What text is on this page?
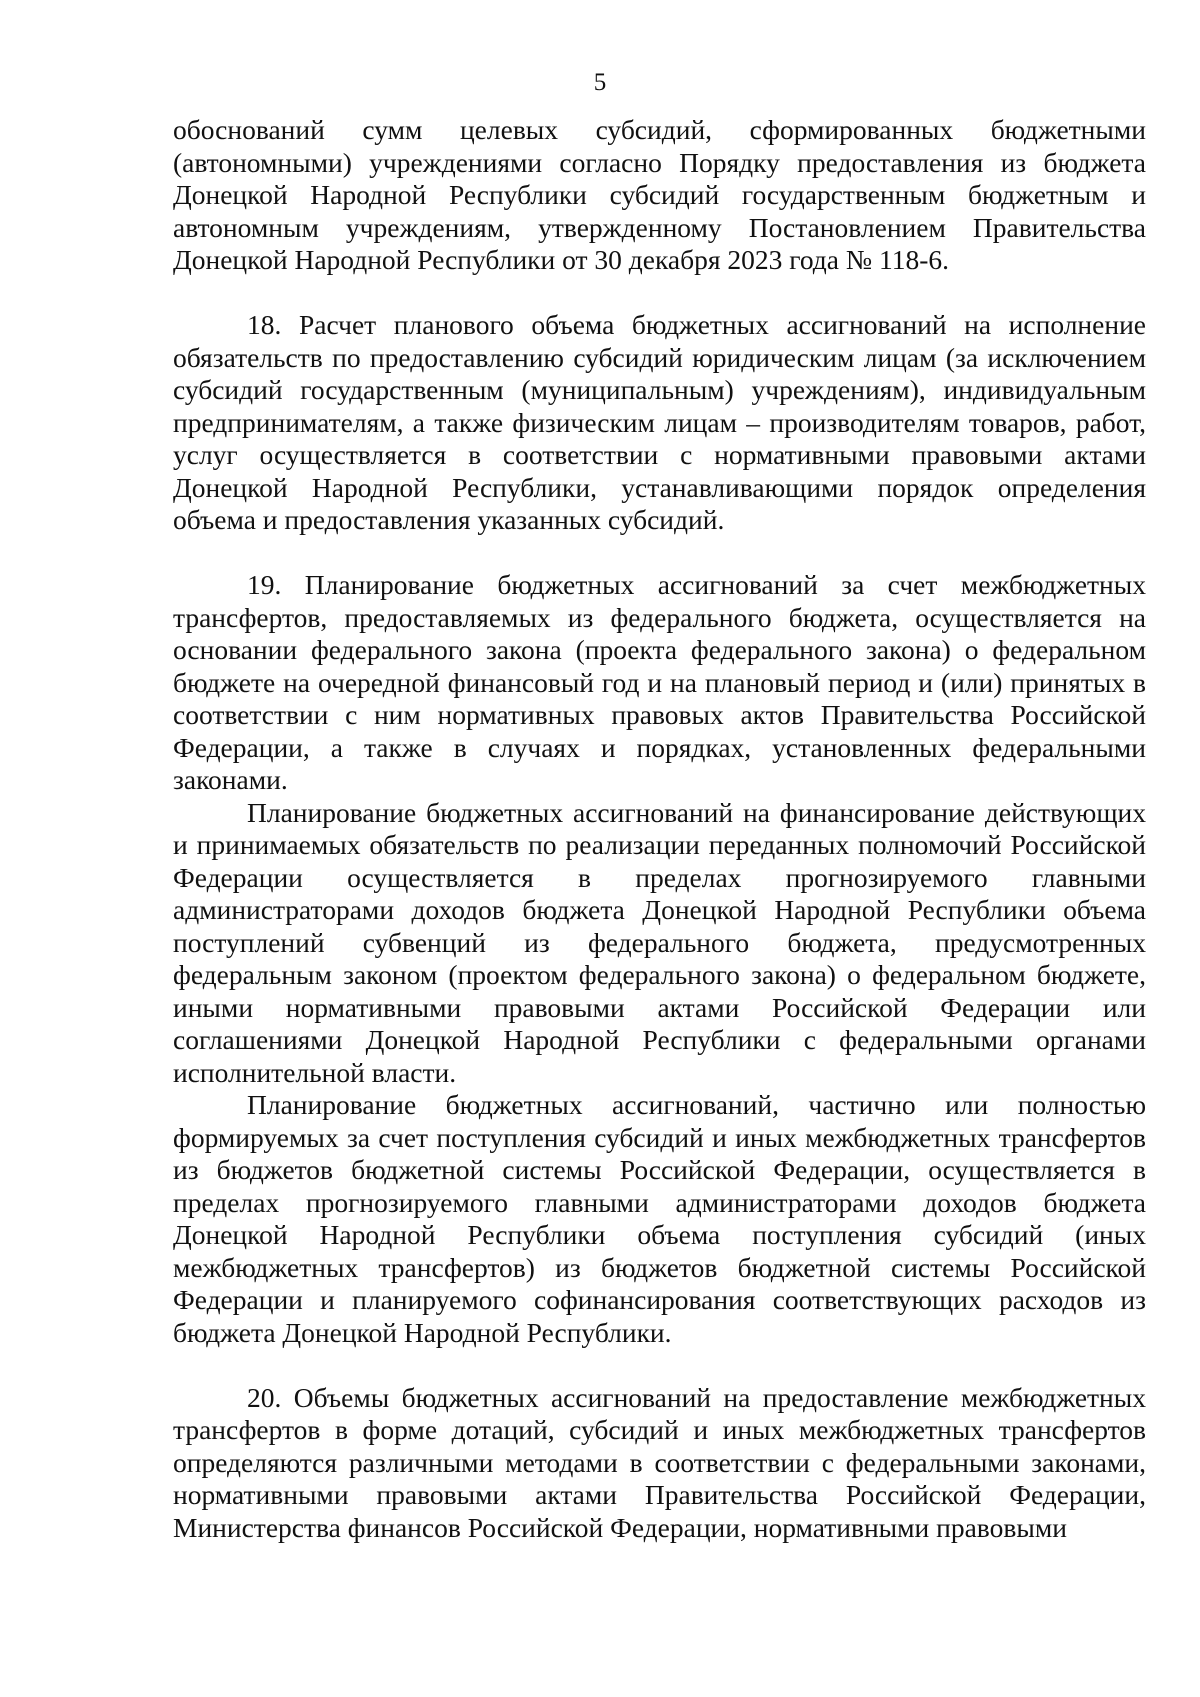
5

обоснований сумм целевых субсидий, сформированных бюджетными (автономными) учреждениями согласно Порядку предоставления из бюджета Донецкой Народной Республики субсидий государственным бюджетным и автономным учреждениям, утвержденному Постановлением Правительства Донецкой Народной Республики от 30 декабря 2023 года № 118-6.

18. Расчет планового объема бюджетных ассигнований на исполнение обязательств по предоставлению субсидий юридическим лицам (за исключением субсидий государственным (муниципальным) учреждениям), индивидуальным предпринимателям, а также физическим лицам – производителям товаров, работ, услуг осуществляется в соответствии с нормативными правовыми актами Донецкой Народной Республики, устанавливающими порядок определения объема и предоставления указанных субсидий.

19. Планирование бюджетных ассигнований за счет межбюджетных трансфертов, предоставляемых из федерального бюджета, осуществляется на основании федерального закона (проекта федерального закона) о федеральном бюджете на очередной финансовый год и на плановый период и (или) принятых в соответствии с ним нормативных правовых актов Правительства Российской Федерации, а также в случаях и порядках, установленных федеральными законами.

Планирование бюджетных ассигнований на финансирование действующих и принимаемых обязательств по реализации переданных полномочий Российской Федерации осуществляется в пределах прогнозируемого главными администраторами доходов бюджета Донецкой Народной Республики объема поступлений субвенций из федерального бюджета, предусмотренных федеральным законом (проектом федерального закона) о федеральном бюджете, иными нормативными правовыми актами Российской Федерации или соглашениями Донецкой Народной Республики с федеральными органами исполнительной власти.

Планирование бюджетных ассигнований, частично или полностью формируемых за счет поступления субсидий и иных межбюджетных трансфертов из бюджетов бюджетной системы Российской Федерации, осуществляется в пределах прогнозируемого главными администраторами доходов бюджета Донецкой Народной Республики объема поступления субсидий (иных межбюджетных трансфертов) из бюджетов бюджетной системы Российской Федерации и планируемого софинансирования соответствующих расходов из бюджета Донецкой Народной Республики.

20. Объемы бюджетных ассигнований на предоставление межбюджетных трансфертов в форме дотаций, субсидий и иных межбюджетных трансфертов определяются различными методами в соответствии с федеральными законами, нормативными правовыми актами Правительства Российской Федерации, Министерства финансов Российской Федерации, нормативными правовыми
